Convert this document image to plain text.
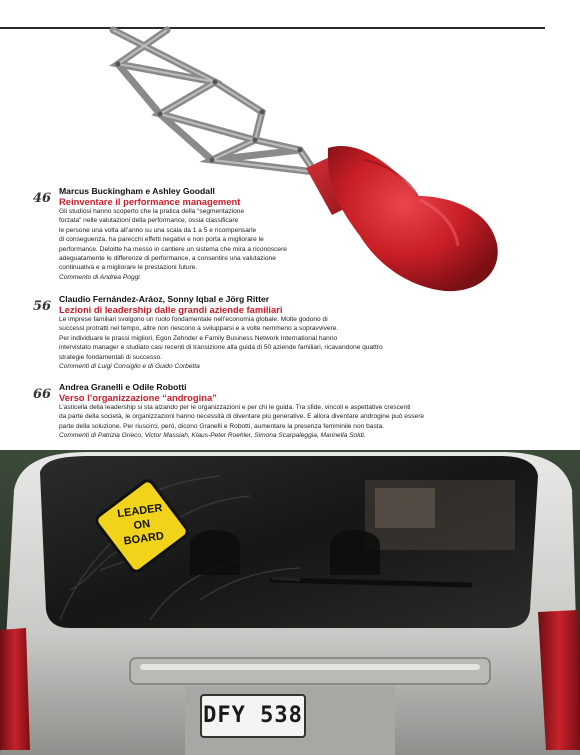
46 Marcus Buckingham e Ashley Goodall
Reinventare il performance management
Gli studiosi hanno scoperto che la pratica della “segmentazione
forzata” nelle valutazioni della performance, ossia classificare
le persone una volta all’anno su una scala da 1 a 5 e ricompensarle
di conseguenza, ha parecchi effetti negativi e non porta a migliorare le
performance. Deloitte ha messo in cantiere un sistema che mira a riconoscere
adeguatamente le differenze di performance, a consentire una valutazione
continuativa e a migliorare le prestazioni future.
Commento di Andrea Poggi
56 Claudio Fernández-Aráoz, Sonny Iqbal e Jörg Ritter
Lezioni di leadership dalle grandi aziende familiari
Le imprese familiari svolgono un ruolo fondamentale nell’economia globale. Molte godono di
successi protratti nel tempo, altre non riescono a svilupparsi e a volte nemmeno a sopravvivere.
Per individuare le prassi migliori, Egon Zehnder e Family Business Network International hanno
intervistato manager e studiato casi recenti di transizione alla guida di 50 aziende familiari, ricavandone quattro
strategie fondamentali di successo.
Commenti di Luigi Consiglio e di Guido Corbetta
66 Andrea Granelli e Odile Robotti
Verso l’organizzazione “androgina”
L’asticella della leadership si sta alzando per le organizzazioni e per chi le guida. Tra sfide, vincoli e aspettative crescenti
da parte della società, le organizzazioni hanno necessità di diventare più generative. E allora diventare androgine può essere
parte della soluzione. Per riuscirci, però, dicono Granelli e Robotti, aumentare la presenza femminile non basta.
Commenti di Patrizia Grieco, Victor Massiah, Klaus-Peter Roehler, Simona Scarpaleggia, Marinella Soldi.
LEADER
ON
BOARD
DFY 538
